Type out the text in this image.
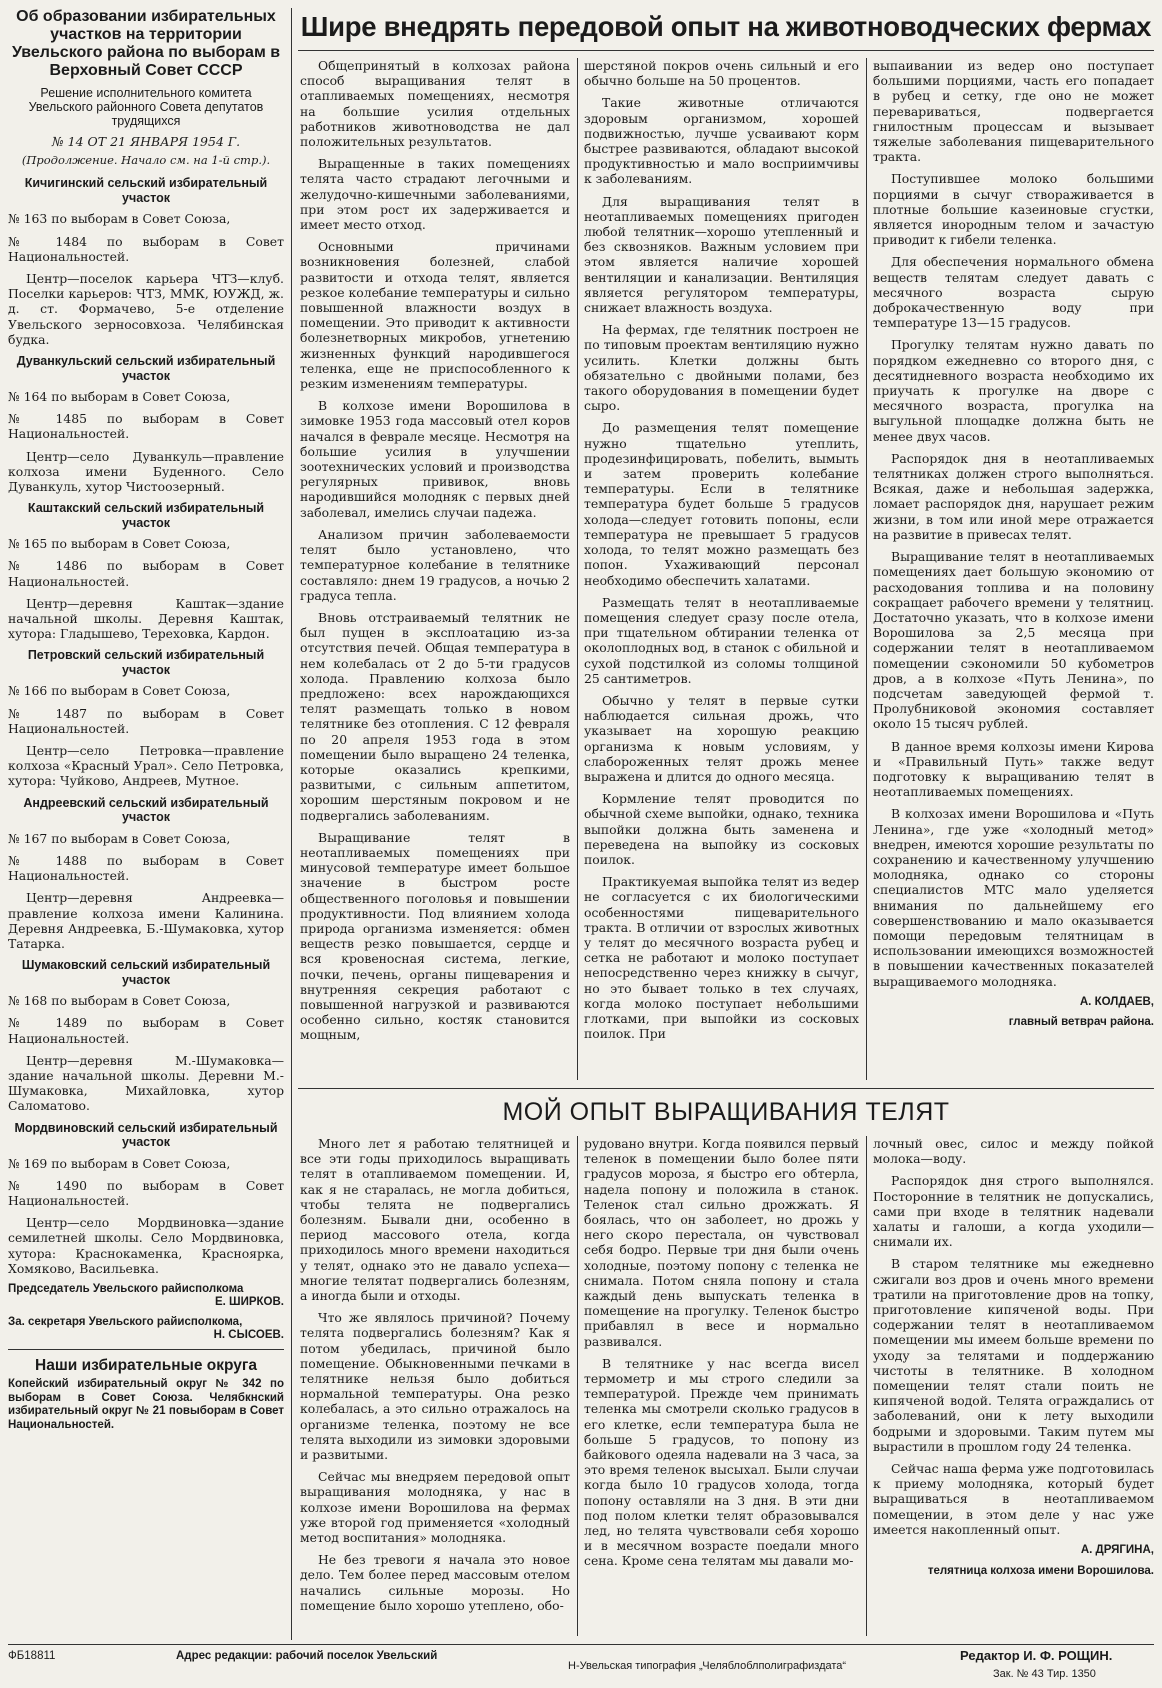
Об образовании избирательных участков на территории Увельского района по выборам в Верховный Совет СССР
Решение исполнительного комитета Увельского районного Совета депутатов трудящихся
№ 14 ОТ 21 ЯНВАРЯ 1954 Г.
(Продолжение. Начало см. на 1-й стр.).
Кичигинский сельский избирательный участок

№ 163 по выборам в Совет Союза,

№ 1484 по выборам в Совет Национальностей.

Центр—поселок карьера ЧТЗ—клуб. Поселки карьеров: ЧТЗ, ММК, ЮУЖД, ж. д. ст. Формачево, 5-е отделение Увельского зерносовхоза. Челябинская будка.

Дуванкульский сельский избирательный участок

№ 164 по выборам в Совет Союза,

№ 1485 по выборам в Совет Национальностей.

Центр—село Дуванкуль—правление колхоза имени Буденного. Село Дуванкуль, хутор Чистоозерный.

Каштакский сельский избирательный участок

№ 165 по выборам в Совет Союза,

№ 1486 по выборам в Совет Национальностей.

Центр—деревня Каштак—здание начальной школы. Деревня Каштак, хутора: Гладышево, Тереховка, Кардон.

Петровский сельский избирательный участок

№ 166 по выборам в Совет Союза,

№ 1487 по выборам в Совет Национальностей.

Центр—село Петровка—правление колхоза «Красный Урал». Село Петровка, хутора: Чуйково, Андреев, Мутное.

Андреевский сельский избирательный участок

№ 167 по выборам в Совет Союза,

№ 1488 по выборам в Совет Национальностей.

Центр—деревня Андреевка—правление колхоза имени Калинина. Деревня Андреевка, Б.-Шумаковка, хутор Татарка.

Шумаковский сельский избирательный участок

№ 168 по выборам в Совет Союза,

№ 1489 по выборам в Совет Национальностей.

Центр—деревня М.-Шумаковка—здание начальной школы. Деревни М.-Шумаковка, Михайловка, хутор Саломатово.

Мордвиновский сельский избирательный участок

№ 169 по выборам в Совет Союза,

№ 1490 по выборам в Совет Национальностей.

Центр—село Мордвиновка—здание семилетней школы. Село Мордвиновка, хутора: Краснокаменка, Красноярка, Хомяково, Васильевка.

Председатель Увельского райисполкома
Е. ШИРКОВ.
За. секретаря Увельского райисполкома,
Н. СЫСОЕВ.
Наши избирательные округа

Копейский избирательный округ № 342 по выборам в Совет Союза. Челябкнский избирательный округ № 21 повыборам в Совет Национальностей.

Шире внедрять передовой опыт на животноводческих фермах

Общепринятый в колхозах района способ выращивания телят в отапливаемых помещениях, несмотря на большие усилия отдельных работников животноводства не дал положительных результатов.

Выращенные в таких помещениях телята часто страдают легочными и желудочно-кишечными заболеваниями, при этом рост их задерживается и имеет место отход.

Основными причинами возникновения болезней, слабой развитости и отхода телят, является резкое колебание температуры и сильно повышенной влажности воздух в помещении. Это приводит к активности болезнетворных микробов, угнетению жизненных функций народившегося теленка, еще не приспособленного к резким изменениям температуры.

В колхозе имени Ворошилова в зимовке 1953 года массовый отел коров начался в феврале месяце. Несмотря на большие усилия в улучшении зоотехнических условий и производства регулярных прививок, вновь народившийся молодняк с первых дней заболевал, имелись случаи падежа.

Анализом причин заболеваемости телят было установлено, что температурное колебание в телятнике составляло: днем 19 градусов, а ночью 2 градуса тепла.

Вновь отстраиваемый телятник не был пущен в эксплоатацию из-за отсутствия печей. Общая температура в нем колебалась от 2 до 5-ти градусов холода. Правлению колхоза было предложено: всех нарождающихся телят размещать только в новом телятнике без отопления. С 12 февраля по 20 апреля 1953 года в этом помещении было выращено 24 теленка, которые оказались крепкими, развитыми, с сильным аппетитом, хорошим шерстяным покровом и не подвергались заболеваниям.

Выращивание телят в неотапливаемых помещениях при минусовой температуре имеет большое значение в быстром росте общественного поголовья и повышении продуктивности. Под влиянием холода природа организма изменяется: обмен веществ резко повышается, сердце и вся кровеносная система, легкие, почки, печень, органы пищеварения и внутренняя секреция работают с повышенной нагрузкой и развиваются особенно сильно, костяк становится мощным,

шерстяной покров очень сильный и его обычно больше на 50 процентов.

Такие животные отличаются здоровым организмом, хорошей подвижностью, лучше усваивают корм быстрее развиваются, обладают высокой продуктивностью и мало восприимчивы к заболеваниям.

Для выращивания телят в неотапливаемых помещениях пригоден любой телятник—хорошо утепленный и без сквозняков. Важным условием при этом является наличие хорошей вентиляции и канализации. Вентиляция является регулятором температуры, снижает влажность воздуха.

На фермах, где телятник построен не по типовым проектам вентиляцию нужно усилить. Клетки должны быть обязательно с двойными полами, без такого оборудования в помещении будет сыро.

До размещения телят помещение нужно тщательно утеплить, продезинфицировать, побелить, вымыть и затем проверить колебание температуры. Если в телятнике температура будет больше 5 градусов холода—следует готовить попоны, если температура не превышает 5 градусов холода, то телят можно размещать без попон. Ухаживающий персонал необходимо обеспечить халатами.

Размещать телят в неотапливаемые помещения следует сразу после отела, при тщательном обтирании теленка от околоплодных вод, в станок с обильной и сухой подстилкой из соломы толщиной 25 сантиметров.

Обычно у телят в первые сутки наблюдается сильная дрожь, что указывает на хорошую реакцию организма к новым условиям, у слабороженных телят дрожь менее выражена и длится до одного месяца.

Кормление телят проводится по обычной схеме выпойки, однако, техника выпойки должна быть заменена и переведена на выпойку из сосковых поилок.

Практикуемая выпойка телят из ведер не согласуется с их биологическими особенностями пищеварительного тракта. В отличии от взрослых животных у телят до месячного возраста рубец и сетка не работают и молоко поступает непосредственно через книжку в сычуг, но это бывает только в тех случаях, когда молоко поступает небольшими глотками, при выпойки из сосковых поилок. При

выпаивании из ведер оно поступает большими порциями, часть его попадает в рубец и сетку, где оно не может перевариваться, подвергается гнилостным процессам и вызывает тяжелые заболевания пищеварительного тракта.

Поступившее молоко большими порциями в сычуг створаживается в плотные большие казеиновые сгустки, является инородным телом и зачастую приводит к гибели теленка.

Для обеспечения нормального обмена веществ телятам следует давать с месячного возраста сырую доброкачественную воду при температуре 13—15 градусов.

Прогулку телятам нужно давать по порядком ежедневно со второго дня, с десятидневного возраста необходимо их приучать к прогулке на дворе с месячного возраста, прогулка на выгульной площадке должна быть не менее двух часов.

Распорядок дня в неотапливаемых телятниках должен строго выполняться. Всякая, даже и небольшая задержка, ломает распорядок дня, нарушает режим жизни, в том или иной мере отражается на развитие в привесах телят.

Выращивание телят в неотапливаемых помещениях дает большую экономию от расходования топлива и на половину сокращает рабочего времени у телятниц. Достаточно указать, что в колхозе имени Ворошилова за 2,5 месяца при содержании телят в неотапливаемом помещении сэкономили 50 кубометров дров, а в колхозе «Путь Ленина», по подсчетам заведующей фермой т. Пролубниковой экономия составляет около 15 тысяч рублей.

В данное время колхозы имени Кирова и «Правильный Путь» также ведут подготовку к выращиванию телят в неотапливаемых помещениях.

В колхозах имени Ворошилова и «Путь Ленина», где уже «холодный метод» внедрен, имеются хорошие результаты по сохранению и качественному улучшению молодняка, однако со стороны специалистов МТС мало уделяется внимания по дальнейшему его совершенствованию и мало оказывается помощи передовым телятницам в использовании имеющихся возможностей в повышении качественных показателей выращиваемого молодняка.

А. КОЛДАЕВ,

главный ветврач района.

МОЙ ОПЫТ ВЫРАЩИВАНИЯ ТЕЛЯТ

Много лет я работаю телятницей и все эти годы приходилось выращивать телят в отапливаемом помещении. И, как я не старалась, не могла добиться, чтобы телята не подвергались болезням. Бывали дни, особенно в период массового отела, когда приходилось много времени находиться у телят, однако это не давало успеха—многие телятат подвергались болезням, а иногда были и отходы.

Что же являлось причиной? Почему телята подвергались болезням? Как я потом убедилась, причиной было помещение. Обыкновенными печками в телятнике нельзя было добиться нормальной температуры. Она резко колебалась, а это сильно отражалось на организме теленка, поэтому не все телята выходили из зимовки здоровыми и развитыми.

Сейчас мы внедряем передовой опыт выращивания молодняка, у нас в колхозе имени Ворошилова на фермах уже второй год применяется «холодный метод воспитания» молодняка.

Не без тревоги я начала это новое дело. Тем более перед массовым отелом начались сильные морозы. Но помещение было хорошо утеплено, обо-

рудовано внутри. Когда появился первый теленок в помещении было более пяти градусов мороза, я быстро его обтерла, надела попону и положила в станок. Теленок стал сильно дрожжать. Я боялась, что он заболеет, но дрожь у него скоро перестала, он чувствовал себя бодро. Первые три дня были очень холодные, поэтому попону с теленка не снимала. Потом сняла попону и стала каждый день выпускать теленка в помещение на прогулку. Теленок быстро прибавлял в весе и нормально развивался.

В телятнике у нас всегда висел термометр и мы строго следили за температурой. Прежде чем принимать теленка мы смотрели сколько градусов в его клетке, если температура была не больше 5 градусов, то попону из байкового одеяла надевали на 3 часа, за это время теленок высыхал. Были случаи когда было 10 градусов холода, тогда попону оставляли на 3 дня. В эти дни под полом клетки телят образовывался лед, но телята чувствовали себя хорошо и в месячном возрасте поедали много сена. Кроме сена телятам мы давали мо-

лочный овес, силос и между пойкой молока—воду.

Распорядок дня строго выполнялся. Посторонние в телятник не допускались, сами при входе в телятник надевали халаты и галоши, а когда уходили—снимали их.

В старом телятнике мы ежедневно сжигали воз дров и очень много времени тратили на приготовление дров на топку, приготовление кипяченой воды. При содержании телят в неотапливаемом помещении мы имеем больше времени по уходу за телятами и поддержанию чистоты в телятнике. В холодном помещении телят стали поить не кипяченой водой. Телята ограждались от заболеваний, они к лету выходили бодрыми и здоровыми. Таким путем мы вырастили в прошлом году 24 теленка.

Сейчас наша ферма уже подготовилась к приему молодняка, который будет выращиваться в неотапливаемом помещении, в этом деле у нас уже имеется накопленный опыт.

А. ДРЯГИНА,

телятница колхоза имени Ворошилова.

ФБ18811	Адрес редакции: рабочий поселок Увельский
Н-Увельская типография „Челяблоблполиграфиздата“
Редактор И. Ф. РОЩИН.
Зак. № 43 Тир. 1350
